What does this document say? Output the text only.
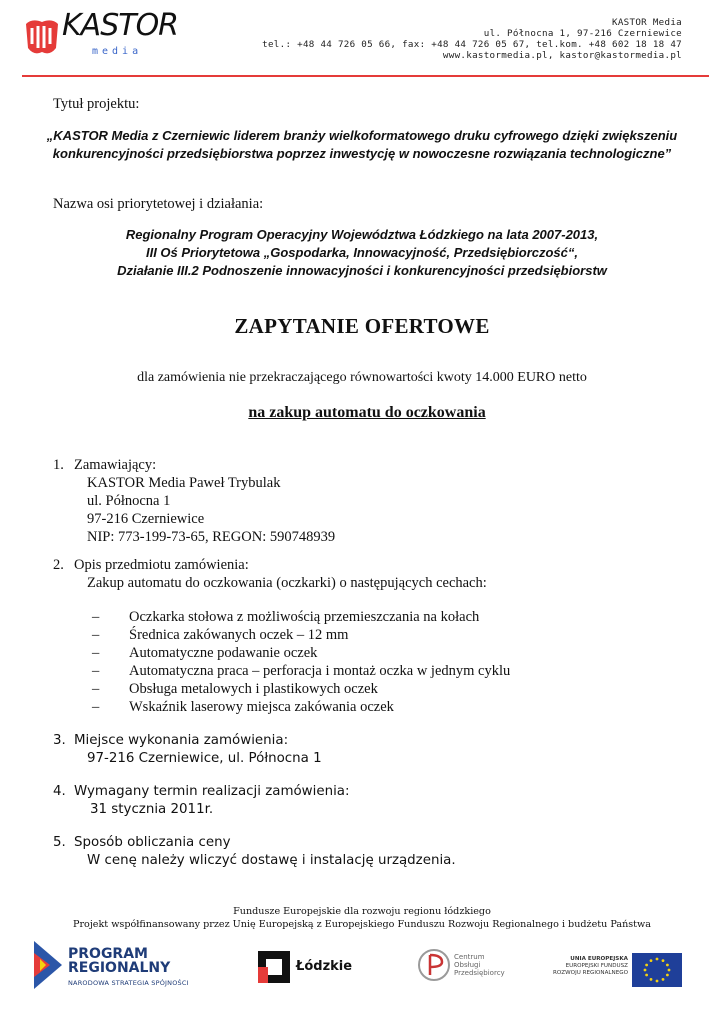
KASTOR
media
KASTOR Media
ul. Północna 1, 97-216 Czerniewice
tel.: +48 44 726 05 66, fax: +48 44 726 05 67, tel.kom. +48 602 18 18 47
www.kastormedia.pl, kastor@kastormedia.pl
Tytuł projektu:
„KASTOR Media z Czerniewic liderem branży wielkoformatowego druku cyfrowego dzięki zwiększeniu
konkurencyjności przedsiębiorstwa poprzez inwestycję w nowoczesne rozwiązania technologiczne”
Nazwa osi priorytetowej i działania:
Regionalny Program Operacyjny Województwa Łódzkiego na lata 2007-2013,
III Oś Priorytetowa „Gospodarka, Innowacyjność, Przedsiębiorczość“,
Działanie III.2 Podnoszenie innowacyjności i konkurencyjności przedsiębiorstw
ZAPYTANIE OFERTOWE
dla zamówienia nie przekraczającego równowartości kwoty 14.000 EURO netto
na zakup automatu do oczkowania
1. Zamawiający:
KASTOR Media Paweł Trybulak
ul. Północna 1
97-216 Czerniewice
NIP: 773-199-73-65, REGON: 590748939
2. Opis przedmiotu zamówienia:
Zakup automatu do oczkowania (oczkarki) o następujących cechach:
– Oczkarka stołowa z możliwością przemieszczania na kołach
– Średnica zakówanych oczek – 12 mm
– Automatyczne podawanie oczek
– Automatyczna praca – perforacja i montaż oczka w jednym cyklu
– Obsługa metalowych i plastikowych oczek
– Wskaźnik laserowy miejsca zakówania oczek
3. Miejsce wykonania zamówienia:
97-216 Czerniewice, ul. Północna 1
4. Wymagany termin realizacji zamówienia:
31 stycznia 2011r.
5. Sposób obliczania ceny
W cenę należy wliczyć dostawę i instalację urządzenia.
Fundusze Europejskie dla rozwoju regionu łódzkiego
Projekt współfinansowany przez Unię Europejską z Europejskiego Funduszu Rozwoju Regionalnego i budżetu Państwa
PROGRAM
REGIONALNY
NARODOWA STRATEGIA SPÓJNOŚCI
Łódzkie
Centrum
Obsługi
Przedsiębiorcy
UNIA EUROPEJSKA
EUROPEJSKI FUNDUSZ
ROZWOJU REGIONALNEGO
